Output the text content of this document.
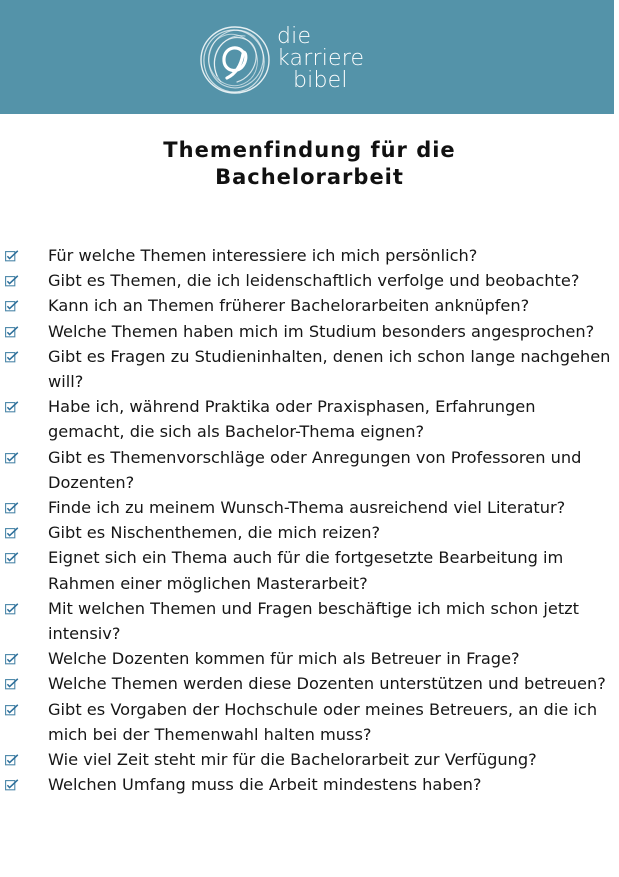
die
karriere
bibel
Themenfindung für die
Bachelorarbeit
Für welche Themen interessiere ich mich persönlich?
Gibt es Themen, die ich leidenschaftlich verfolge und beobachte?
Kann ich an Themen früherer Bachelorarbeiten anknüpfen?
Welche Themen haben mich im Studium besonders angesprochen?
Gibt es Fragen zu Studieninhalten, denen ich schon lange nachgehen will?
Habe ich, während Praktika oder Praxisphasen, Erfahrungen gemacht, die sich als Bachelor-Thema eignen?
Gibt es Themenvorschläge oder Anregungen von Professoren und Dozenten?
Finde ich zu meinem Wunsch-Thema ausreichend viel Literatur?
Gibt es Nischenthemen, die mich reizen?
Eignet sich ein Thema auch für die fortgesetzte Bearbeitung im Rahmen einer möglichen Masterarbeit?
Mit welchen Themen und Fragen beschäftige ich mich schon jetzt intensiv?
Welche Dozenten kommen für mich als Betreuer in Frage?
Welche Themen werden diese Dozenten unterstützen und betreuen?
Gibt es Vorgaben der Hochschule oder meines Betreuers, an die ich mich bei der Themenwahl halten muss?
Wie viel Zeit steht mir für die Bachelorarbeit zur Verfügung?
Welchen Umfang muss die Arbeit mindestens haben?
